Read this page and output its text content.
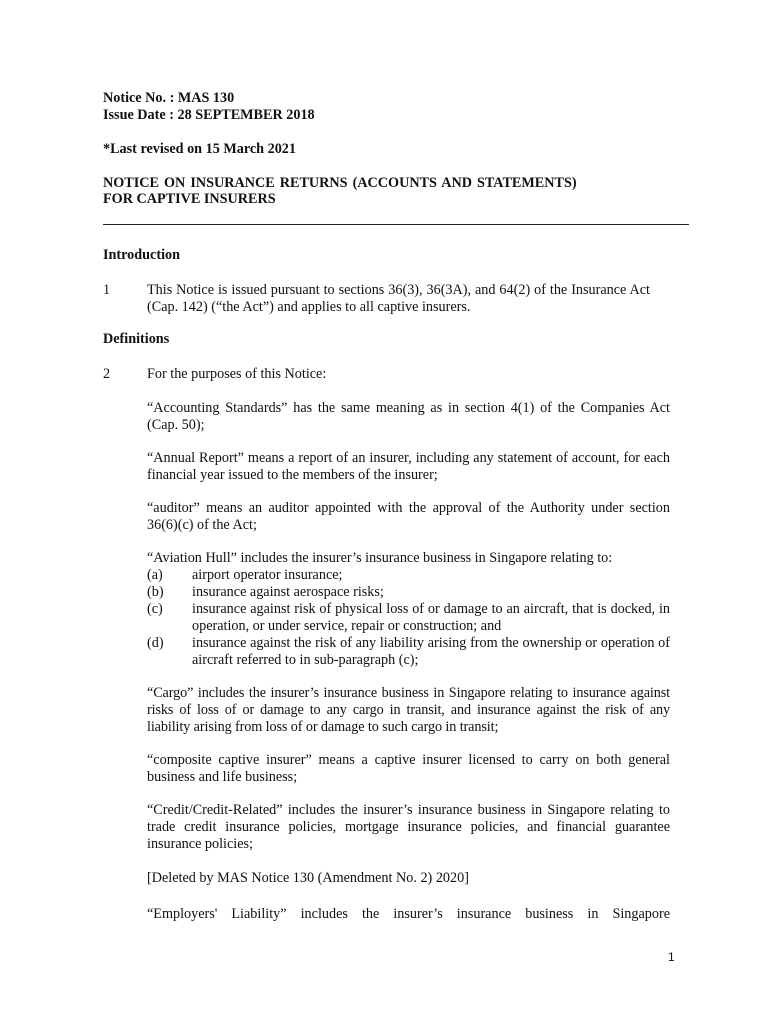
Notice No. : MAS 130
Issue Date : 28 SEPTEMBER 2018
*Last revised on 15 March 2021
NOTICE ON INSURANCE RETURNS (ACCOUNTS AND STATEMENTS)
FOR CAPTIVE INSURERS
Introduction
1	This Notice is issued pursuant to sections 36(3), 36(3A), and 64(2) of the Insurance Act (Cap. 142) (“the Act”) and applies to all captive insurers.
Definitions
2	For the purposes of this Notice:
“Accounting Standards” has the same meaning as in section 4(1) of the Companies Act (Cap. 50);
“Annual Report” means a report of an insurer, including any statement of account, for each financial year issued to the members of the insurer;
“auditor” means an auditor appointed with the approval of the Authority under section 36(6)(c) of the Act;
“Aviation Hull” includes the insurer’s insurance business in Singapore relating to:
(a) airport operator insurance;
(b) insurance against aerospace risks;
(c) insurance against risk of physical loss of or damage to an aircraft, that is docked, in operation, or under service, repair or construction; and
(d) insurance against the risk of any liability arising from the ownership or operation of aircraft referred to in sub-paragraph (c);
“Cargo” includes the insurer’s insurance business in Singapore relating to insurance against risks of loss of or damage to any cargo in transit, and insurance against the risk of any liability arising from loss of or damage to such cargo in transit;
“composite captive insurer” means a captive insurer licensed to carry on both general business and life business;
“Credit/Credit-Related” includes the insurer’s insurance business in Singapore relating to trade credit insurance policies, mortgage insurance policies, and financial guarantee insurance policies;
[Deleted by MAS Notice 130 (Amendment No. 2) 2020]
“Employers' Liability” includes the insurer’s insurance business in Singapore
1
